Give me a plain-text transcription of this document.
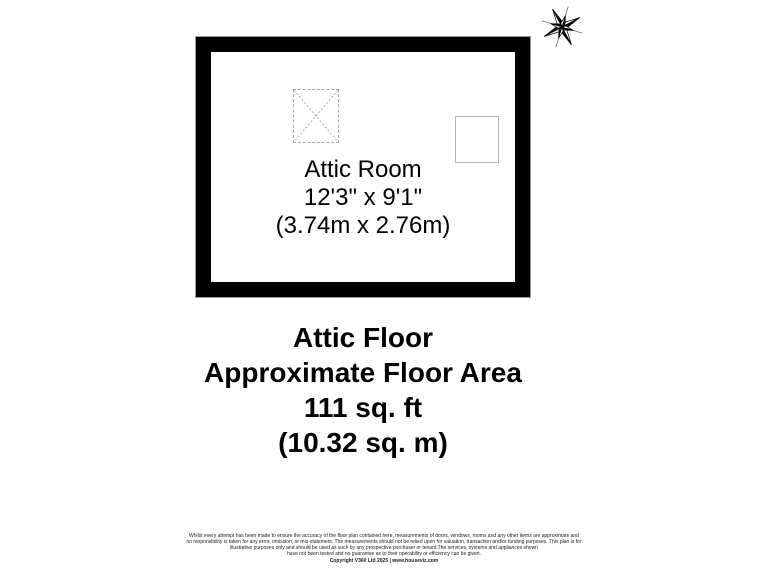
Attic Room
12'3" x 9'1"
(3.74m x 2.76m)
Attic Floor
Approximate Floor Area
111 sq. ft
(10.32 sq. m)
Whilst every attempt has been made to ensure the accuracy of the floor plan contained here, measurements of doors, windows, rooms and any other items are approximate and
no responsibility is taken for any error, omission, or mis-statement. The measurements should not be relied upon for valuation, transaction and/or funding purposes. This plan is for
illustrative purposes only and should be used as such by any prospective purchaser or tenant.The services, systems and appliances shown
have not been tested and no guarantee as to their operability or efficiency can be given.
Copyright V360 Ltd 2025 | www.houseviz.com
